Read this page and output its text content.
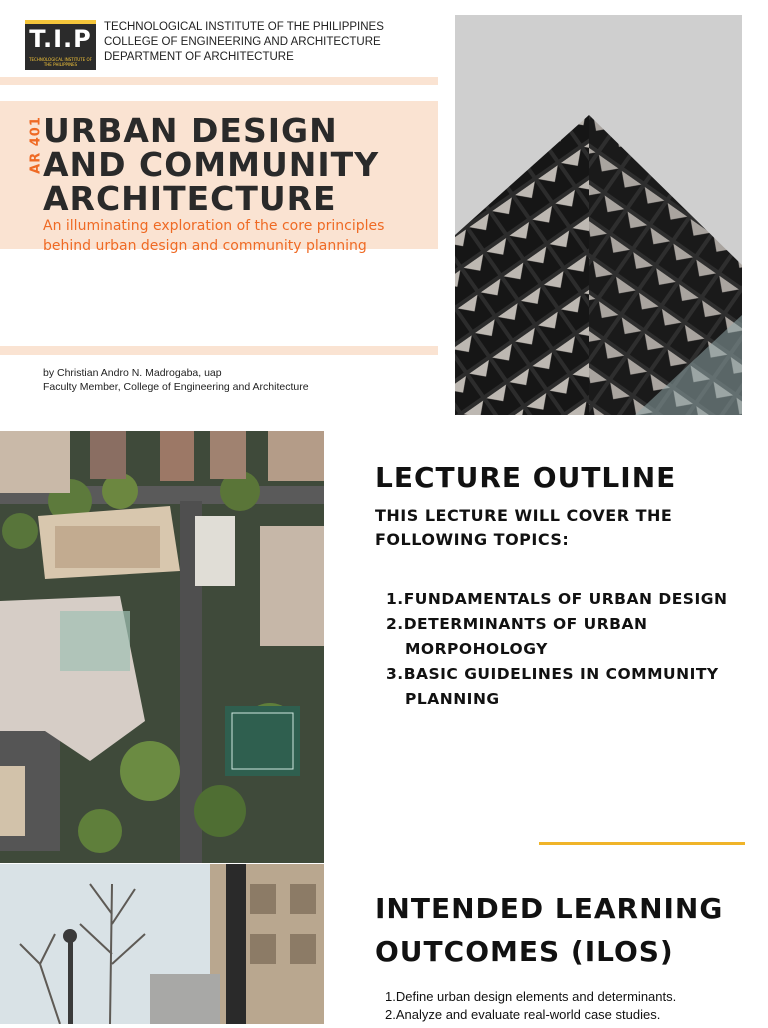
T.I.P
TECHNOLOGICAL INSTITUTE OF THE PHILIPPINES
TECHNOLOGICAL INSTITUTE OF THE PHILIPPINES
COLLEGE OF ENGINEERING AND ARCHITECTURE
DEPARTMENT OF ARCHITECTURE
AR 401 URBAN DESIGN
AND COMMUNITY
ARCHITECTURE
An illuminating exploration of the core principles
behind urban design and community planning
by Christian Andro N. Madrogaba, uap
Faculty Member, College of Engineering and Architecture
LECTURE OUTLINE
THIS LECTURE WILL COVER THE
FOLLOWING TOPICS:
1.FUNDAMENTALS OF URBAN DESIGN
2.DETERMINANTS OF URBAN
MORPOHOLOGY
3.BASIC GUIDELINES IN COMMUNITY
PLANNING
INTENDED LEARNING
OUTCOMES (ILOS)
1.Define urban design elements and determinants.
2.Analyze and evaluate real-world case studies.
